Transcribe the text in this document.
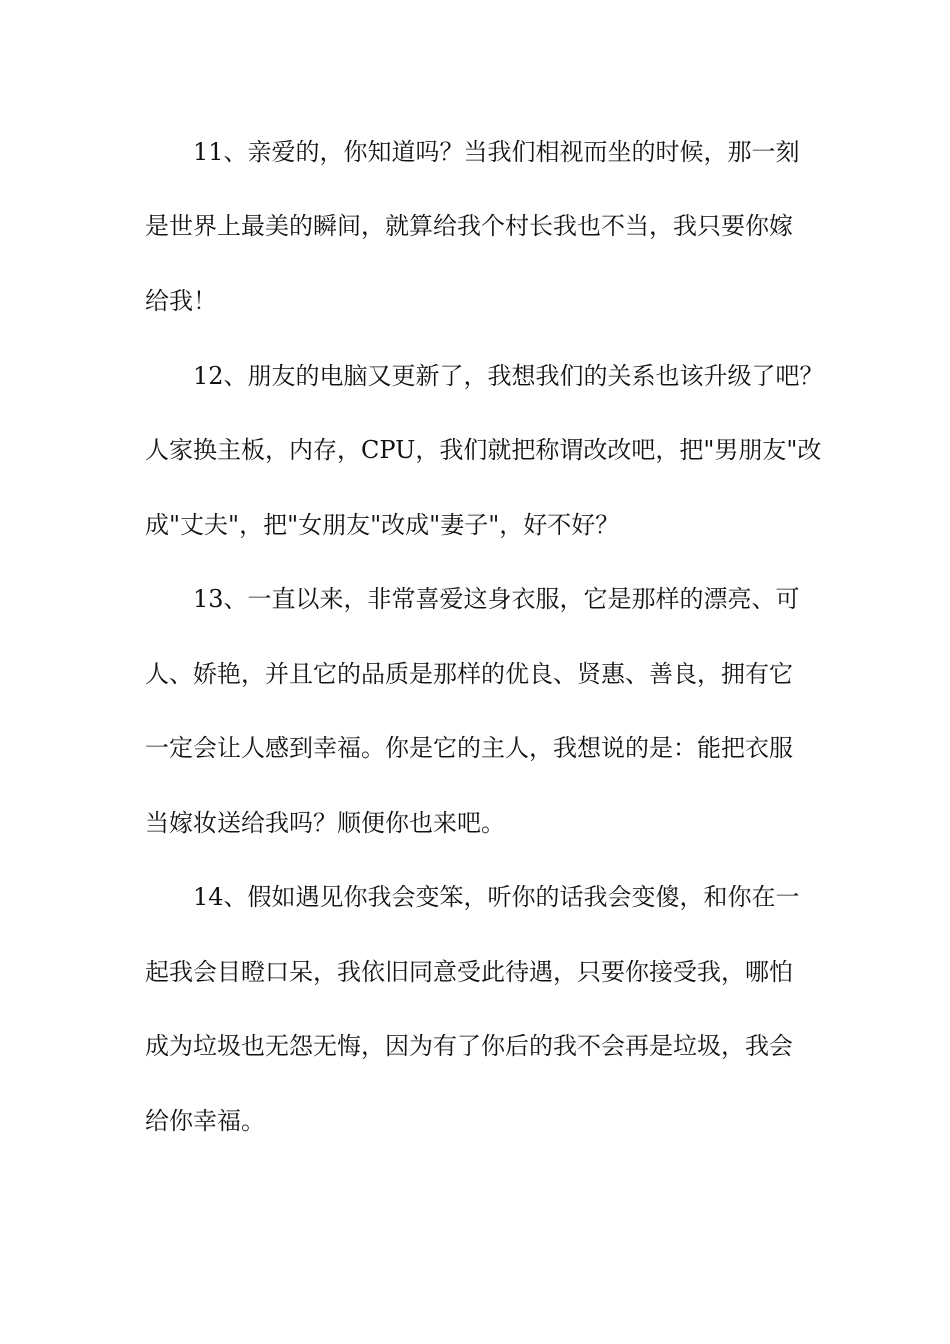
11、亲爱的，你知道吗？当我们相视而坐的时候，那一刻
是世界上最美的瞬间，就算给我个村长我也不当，我只要你嫁
给我！
12、朋友的电脑又更新了，我想我们的关系也该升级了吧？
人家换主板，内存，CPU，我们就把称谓改改吧，把"男朋友"改
成"丈夫"，把"女朋友"改成"妻子"，好不好？
13、一直以来，非常喜爱这身衣服，它是那样的漂亮、可
人、娇艳，并且它的品质是那样的优良、贤惠、善良，拥有它
一定会让人感到幸福。你是它的主人，我想说的是：能把衣服
当嫁妆送给我吗？顺便你也来吧。
14、假如遇见你我会变笨，听你的话我会变傻，和你在一
起我会目瞪口呆，我依旧同意受此待遇，只要你接受我，哪怕
成为垃圾也无怨无悔，因为有了你后的我不会再是垃圾，我会
给你幸福。
